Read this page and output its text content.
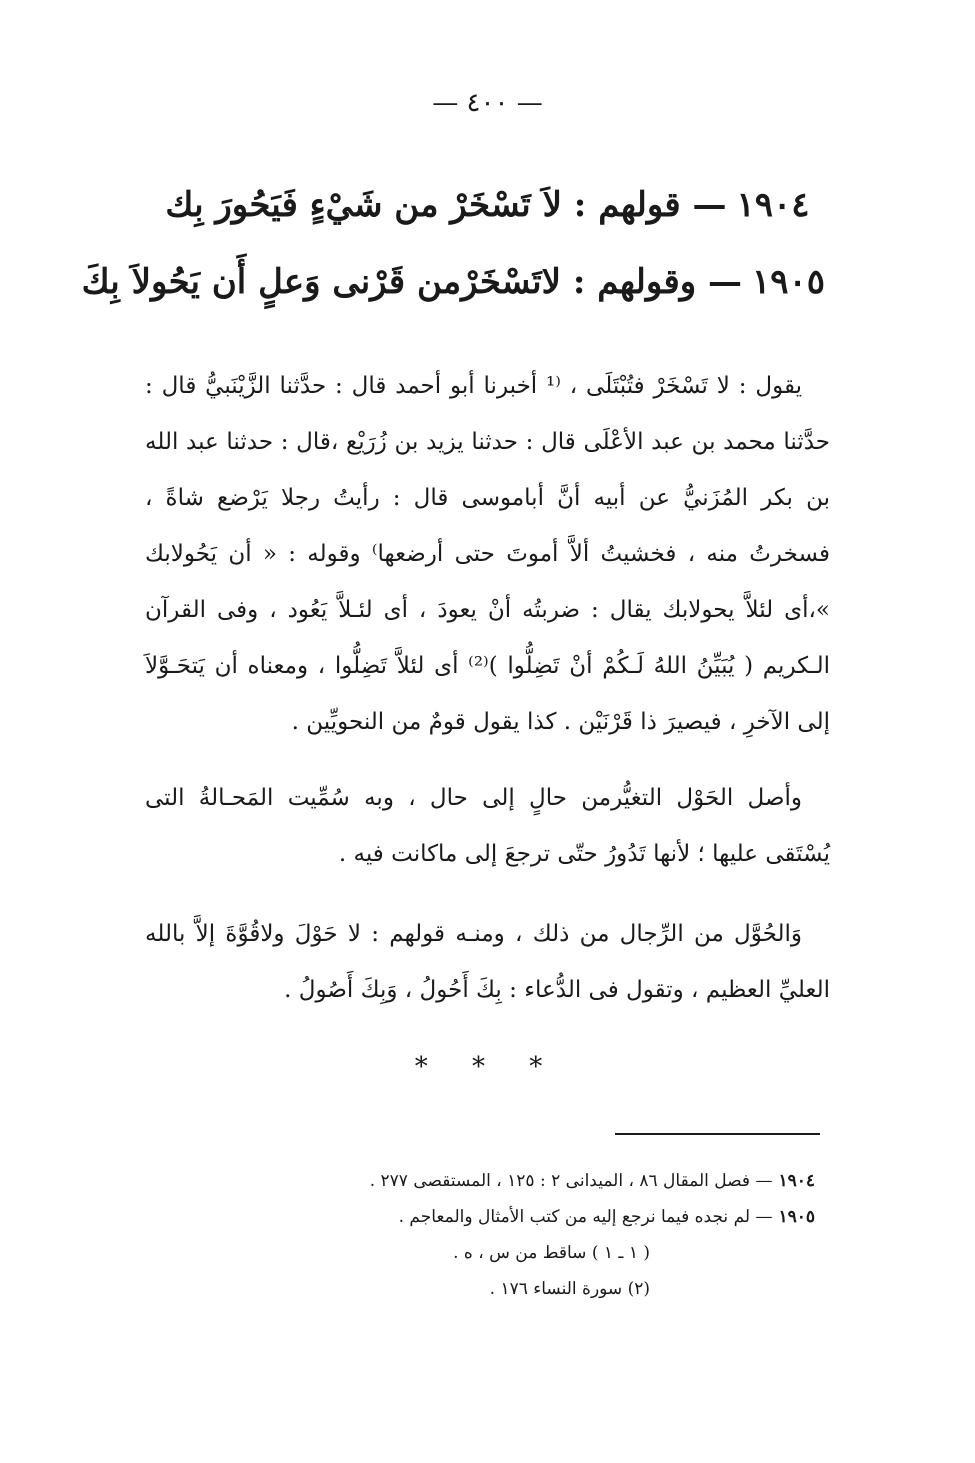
— ٤٠٠ —
١٩٠٤— قولهم : لاَ تَسْخَرْ من شَيْءٍ فَيَحُورَ بِك
١٩٠٥— وقولهم : لاتَسْخَرْمن قَرْنى وَعلٍ أَن يَحُولاَ بِكَ

يقول : لا تَسْخَرْ فتُبْتَلَى ، ⁽¹ أخبرنا أبو أحمد قال : حدَّثنا الزَّيْنَبيُّ قال : حدَّثنا محمد بن عبد الأعْلَى قال : حدثنا يزيد بن زُرَيْع ،قال : حدثنا عبد الله بن بكر المُزَنيُّ عن أبيه أنَّ أباموسى قال : رأيتُ رجلا يَرْضع شاةً ، فسخرتُ منه ، فخشيتُ ألاَّ أموتَ حتى أرضعها⁾ وقوله : « أن يَحُولابك »،أى لئلاَّ يحولابك يقال : ضربتُه أنْ يعودَ ، أى لئـلاَّ يَعُود ، وفى القرآن الـكريم ( يُبَيِّنُ اللهُ لَـكُمْ أنْ تَضِلُّوا )⁽²⁾ أى لئلاَّ تَضِلُّوا ، ومعناه أن يَتحَـوَّلاَ إلى الآخرِ ، فيصيرَ ذا قَرْنَيْن . كذا يقول قومٌ من النحويِّين .

وأصل الحَوْل التغيُّرمن حالٍ إلى حال ، وبه سُمِّيت المَحـالةُ التى يُسْتَقى عليها ؛ لأنها تَدُورُ حتّى ترجعَ إلى ماكانت فيه .

وَالحُوَّل من الرِّجال من ذلك ، ومنـه قولهم : لا حَوْلَ ولاقُوَّةَ إلاَّ بالله العليِّ العظيم ، وتقول فى الدُّعاء : بِكَ أَحُولُ ، وَبِكَ أَصُولُ .

* * *
١٩٠٤— فصل المقال ٨٦ ، الميدانى ٢ : ١٢٥ ، المستقصى ٢٧٧ .
١٩٠٥— لم نجده فيما نرجع إليه من كتب الأمثال والمعاجم .
( ١ ـ ١ ) ساقط من س ، ه .
(٢) سورة النساء ١٧٦ .
